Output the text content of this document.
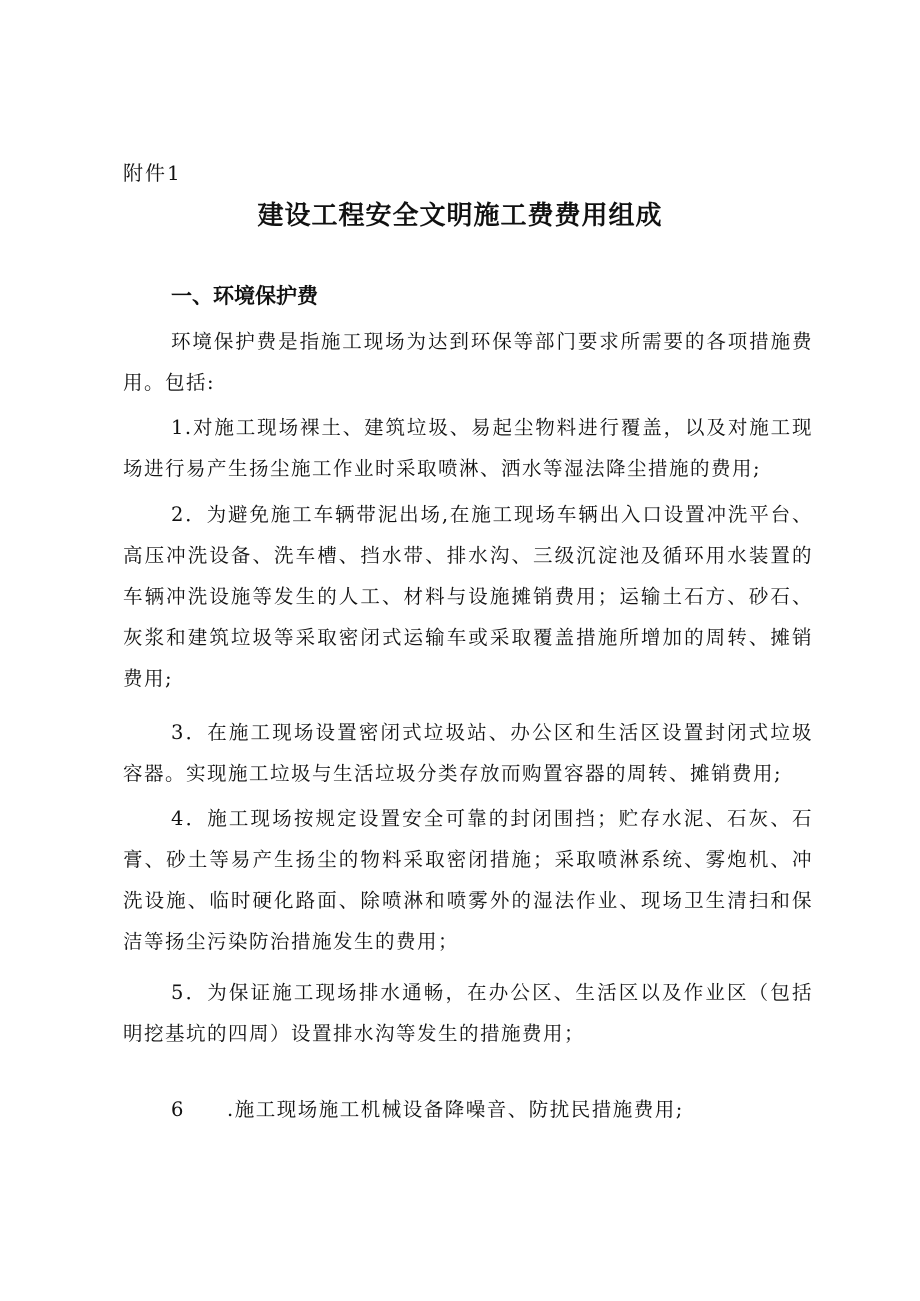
附件1
建设工程安全文明施工费费用组成
一、环境保护费

环境保护费是指施工现场为达到环保等部门要求所需要的各项措施费用。包括:

1.对施工现场裸土、建筑垃圾、易起尘物料进行覆盖，以及对施工现场进行易产生扬尘施工作业时采取喷淋、洒水等湿法降尘措施的费用;

2．为避免施工车辆带泥出场,在施工现场车辆出入口设置冲洗平台、高压冲洗设备、洗车槽、挡水带、排水沟、三级沉淀池及循环用水装置的车辆冲洗设施等发生的人工、材料与设施摊销费用；运输土石方、砂石、灰浆和建筑垃圾等采取密闭式运输车或采取覆盖措施所增加的周转、摊销费用;

3．在施工现场设置密闭式垃圾站、办公区和生活区设置封闭式垃圾容器。实现施工垃圾与生活垃圾分类存放而购置容器的周转、摊销费用;

4．施工现场按规定设置安全可靠的封闭围挡；贮存水泥、石灰、石膏、砂土等易产生扬尘的物料采取密闭措施；采取喷淋系统、雾炮机、冲洗设施、临时硬化路面、除喷淋和喷雾外的湿法作业、现场卫生清扫和保洁等扬尘污染防治措施发生的费用；

5．为保证施工现场排水通畅，在办公区、生活区以及作业区（包括明挖基坑的四周）设置排水沟等发生的措施费用；

6 .施工现场施工机械设备降噪音、防扰民措施费用;
